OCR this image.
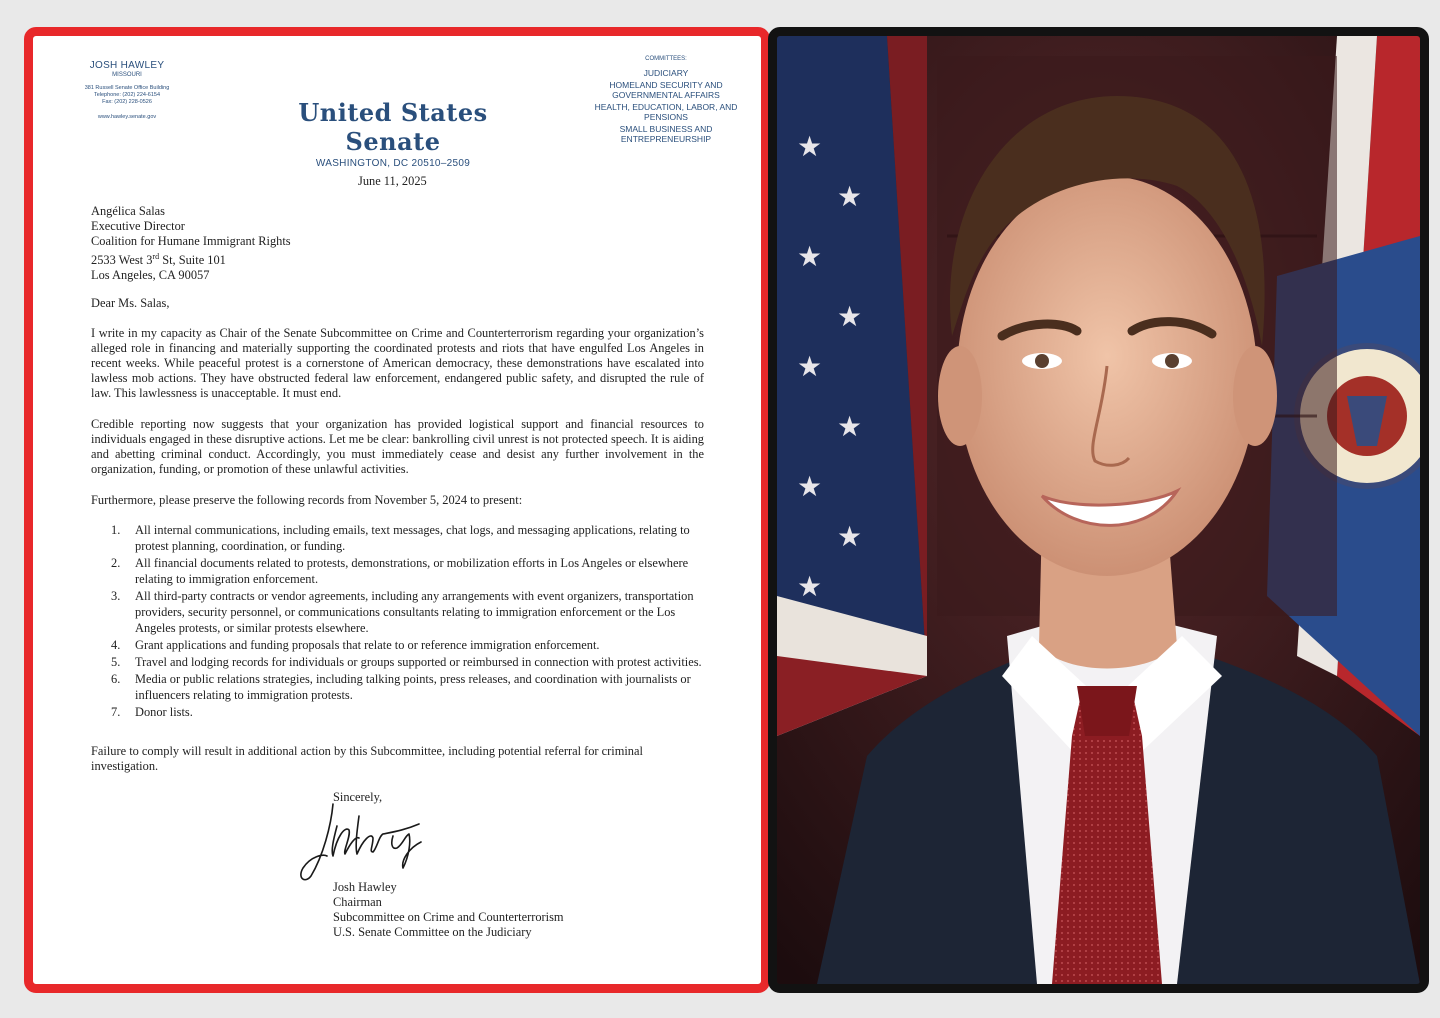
JOSH HAWLEY
MISSOURI
381 Russell Senate Office Building
Telephone: (202) 224-6154
Fax: (202) 228-0526
www.hawley.senate.gov	United States Senate
WASHINGTON, DC 20510–2509
COMMITTEES:
JUDICIARY
HOMELAND SECURITY AND GOVERNMENTAL AFFAIRS
HEALTH, EDUCATION, LABOR, AND PENSIONS
SMALL BUSINESS AND ENTREPRENEURSHIP
June 11, 2025
Angélica Salas
Executive Director
Coalition for Humane Immigrant Rights
2533 West 3rd St, Suite 101
Los Angeles, CA 90057
Dear Ms. Salas,
I write in my capacity as Chair of the Senate Subcommittee on Crime and Counterterrorism regarding your organization’s alleged role in financing and materially supporting the coordinated protests and riots that have engulfed Los Angeles in recent weeks. While peaceful protest is a cornerstone of American democracy, these demonstrations have escalated into lawless mob actions. They have obstructed federal law enforcement, endangered public safety, and disrupted the rule of law. This lawlessness is unacceptable. It must end.
Credible reporting now suggests that your organization has provided logistical support and financial resources to individuals engaged in these disruptive actions. Let me be clear: bankrolling civil unrest is not protected speech. It is aiding and abetting criminal conduct. Accordingly, you must immediately cease and desist any further involvement in the organization, funding, or promotion of these unlawful activities.
Furthermore, please preserve the following records from November 5, 2024 to present:
1. All internal communications, including emails, text messages, chat logs, and messaging applications, relating to protest planning, coordination, or funding.
2. All financial documents related to protests, demonstrations, or mobilization efforts in Los Angeles or elsewhere relating to immigration enforcement.
3. All third-party contracts or vendor agreements, including any arrangements with event organizers, transportation providers, security personnel, or communications consultants relating to immigration enforcement or the Los Angeles protests, or similar protests elsewhere.
4. Grant applications and funding proposals that relate to or reference immigration enforcement.
5. Travel and lodging records for individuals or groups supported or reimbursed in connection with protest activities.
6. Media or public relations strategies, including talking points, press releases, and coordination with journalists or influencers relating to immigration protests.
7. Donor lists.
Failure to comply will result in additional action by this Subcommittee, including potential referral for criminal investigation.
Sincerely,
Josh Hawley
Chairman
Subcommittee on Crime and Counterterrorism
U.S. Senate Committee on the Judiciary
★
★
★
★
★
★
★
★
★
